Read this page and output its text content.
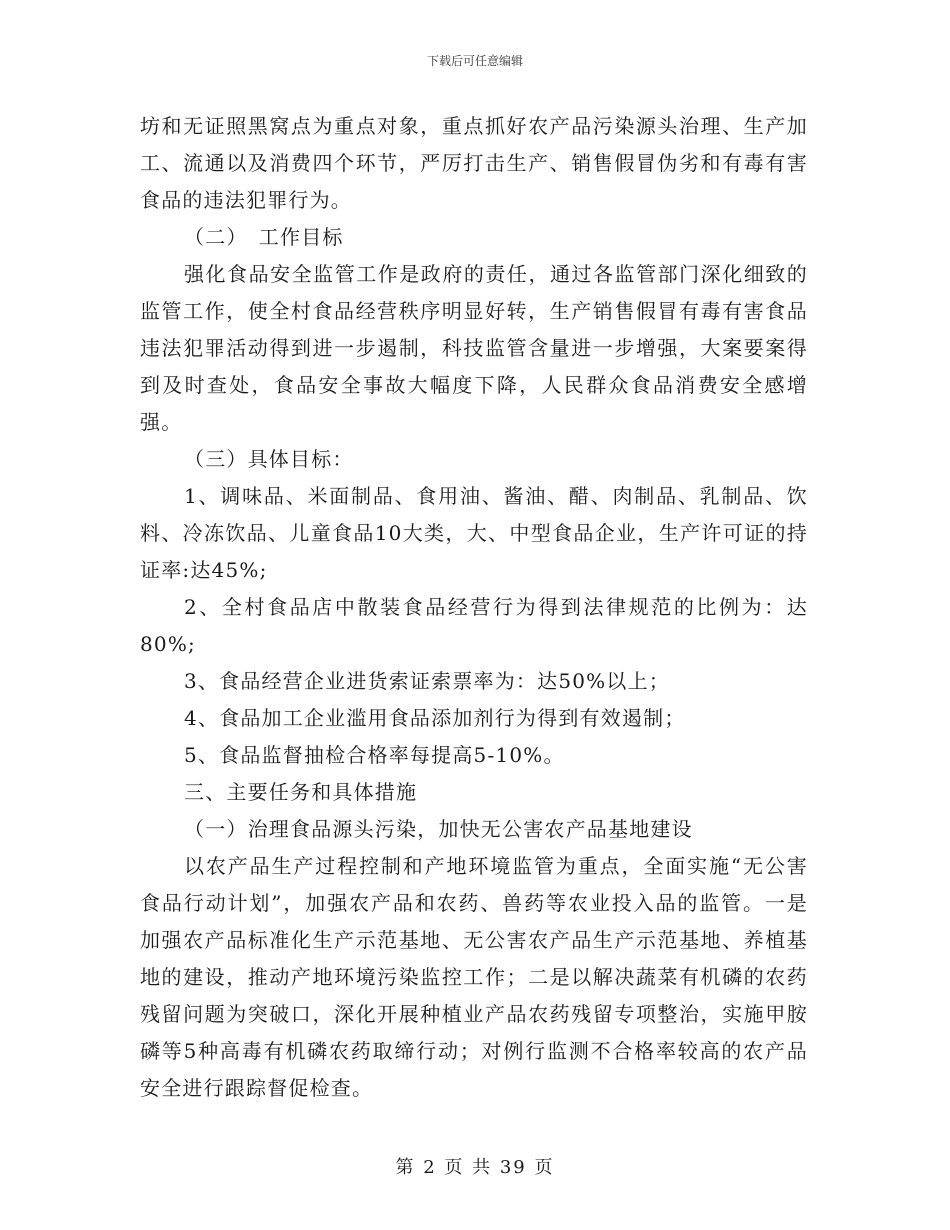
下载后可任意编辑

坊和无证照黑窝点为重点对象，重点抓好农产品污染源头治理、生产加工、流通以及消费四个环节，严厉打击生产、销售假冒伪劣和有毒有害食品的违法犯罪行为。

（二）　工作目标

强化食品安全监管工作是政府的责任，通过各监管部门深化细致的监管工作，使全村食品经营秩序明显好转，生产销售假冒有毒有害食品违法犯罪活动得到进一步遏制，科技监管含量进一步增强，大案要案得到及时查处，食品安全事故大幅度下降，人民群众食品消费安全感增强。

（三）具体目标：

1、调味品、米面制品、食用油、酱油、醋、肉制品、乳制品、饮料、冷冻饮品、儿童食品10大类，大、中型食品企业，生产许可证的持证率:达45%;

2、全村食品店中散装食品经营行为得到法律规范的比例为：达80%;

3、食品经营企业进货索证索票率为：达50%以上；

4、食品加工企业滥用食品添加剂行为得到有效遏制；

5、食品监督抽检合格率每提高5-10%。

三、主要任务和具体措施

（一）治理食品源头污染，加快无公害农产品基地建设

以农产品生产过程控制和产地环境监管为重点，全面实施“无公害食品行动计划”，加强农产品和农药、兽药等农业投入品的监管。一是加强农产品标准化生产示范基地、无公害农产品生产示范基地、养植基地的建设，推动产地环境污染监控工作；二是以解决蔬菜有机磷的农药残留问题为突破口，深化开展种植业产品农药残留专项整治，实施甲胺磷等5种高毒有机磷农药取缔行动；对例行监测不合格率较高的农产品安全进行跟踪督促检查。

第 2 页 共 39 页
